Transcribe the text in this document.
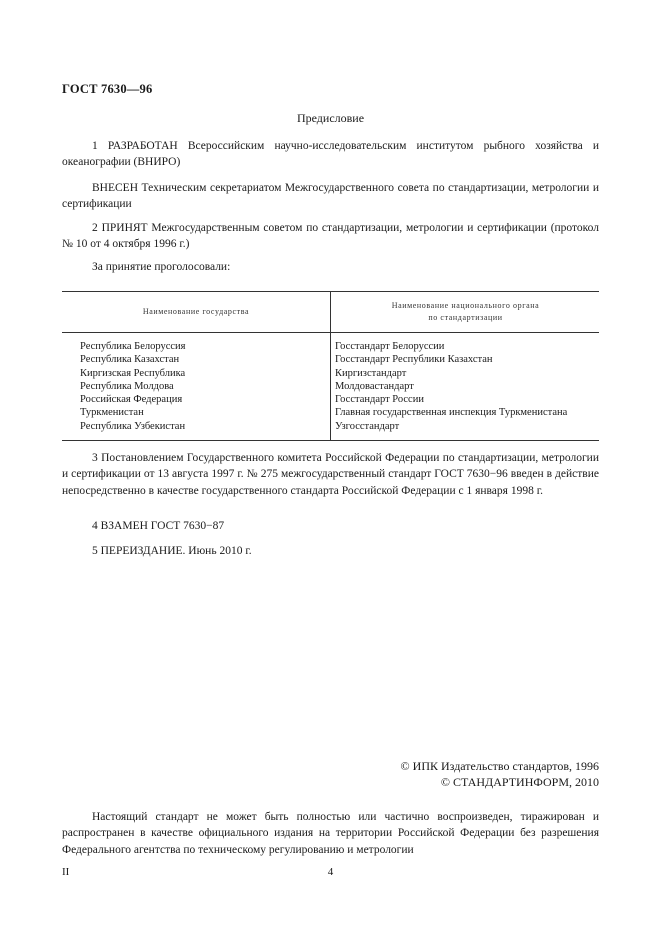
ГОСТ 7630—96
Предисловие
1 РАЗРАБОТАН Всероссийским научно-исследовательским институтом рыбного хозяйства и океанографии (ВНИРО)
ВНЕСЕН Техническим секретариатом Межгосударственного совета по стандартизации, метрологии и сертификации
2 ПРИНЯТ Межгосударственным советом по стандартизации, метрологии и сертификации (протокол № 10 от 4 октября 1996 г.)
За принятие проголосовали:
Наименование государства
Наименование национального органа
по стандартизации
Республика Белоруссия
Республика Казахстан
Киргизская Республика
Республика Молдова
Российская Федерация
Туркменистан
Республика Узбекистан
Госстандарт Белоруссии
Госстандарт Республики Казахстан
Киргизстандарт
Молдовастандарт
Госстандарт России
Главная государственная инспекция Туркменистана
Узгосстандарт
3 Постановлением Государственного комитета Российской Федерации по стандартизации, метрологии и сертификации от 13 августа 1997 г. № 275 межгосударственный стандарт ГОСТ 7630−96 введен в действие непосредственно в качестве государственного стандарта Российской Федерации с 1 января 1998 г.
4 ВЗАМЕН ГОСТ 7630−87
5 ПЕРЕИЗДАНИЕ. Июнь 2010 г.
© ИПК Издательство стандартов, 1996
© СТАНДАРТИНФОРМ, 2010
Настоящий стандарт не может быть полностью или частично воспроизведен, тиражирован и распространен в качестве официального издания на территории Российской Федерации без разрешения Федерального агентства по техническому регулированию и метрологии
II	4
